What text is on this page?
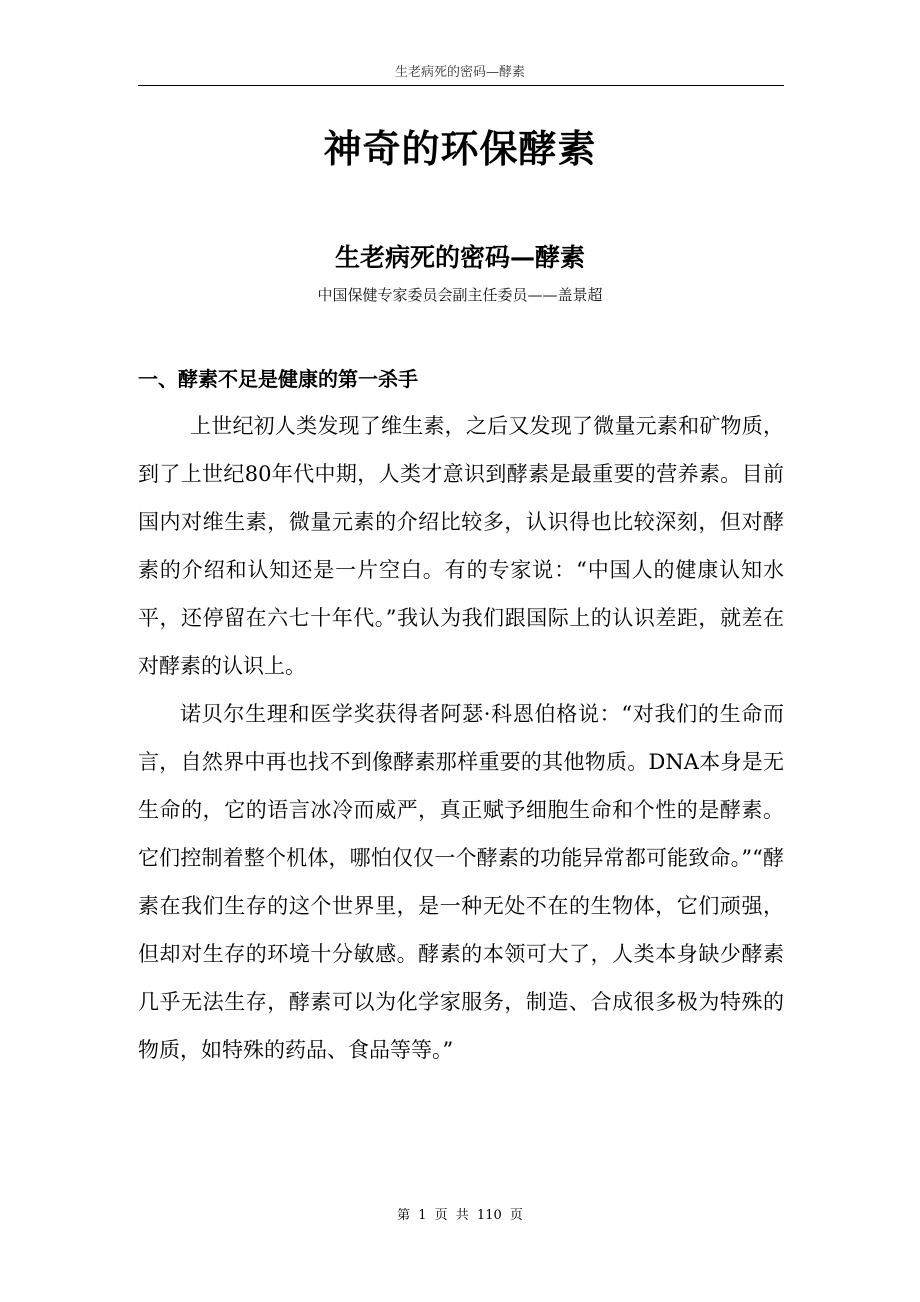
生老病死的密码—酵素
神奇的环保酵素
生老病死的密码—酵素
中国保健专家委员会副主任委员——盖景超
一、酵素不足是健康的第一杀手

上世纪初人类发现了维生素，之后又发现了微量元素和矿物质，到了上世纪80年代中期，人类才意识到酵素是最重要的营养素。目前国内对维生素，微量元素的介绍比较多，认识得也比较深刻，但对酵素的介绍和认知还是一片空白。有的专家说：“中国人的健康认知水平，还停留在六七十年代。”我认为我们跟国际上的认识差距，就差在对酵素的认识上。

诺贝尔生理和医学奖获得者阿瑟·科恩伯格说：“对我们的生命而言，自然界中再也找不到像酵素那样重要的其他物质。DNA本身是无生命的，它的语言冰冷而威严，真正赋予细胞生命和个性的是酵素。它们控制着整个机体，哪怕仅仅一个酵素的功能异常都可能致命。”“酵素在我们生存的这个世界里，是一种无处不在的生物体，它们顽强，但却对生存的环境十分敏感。酵素的本领可大了，人类本身缺少酵素几乎无法生存，酵素可以为化学家服务，制造、合成很多极为特殊的物质，如特殊的药品、食品等等。”

第 1 页 共 110 页
